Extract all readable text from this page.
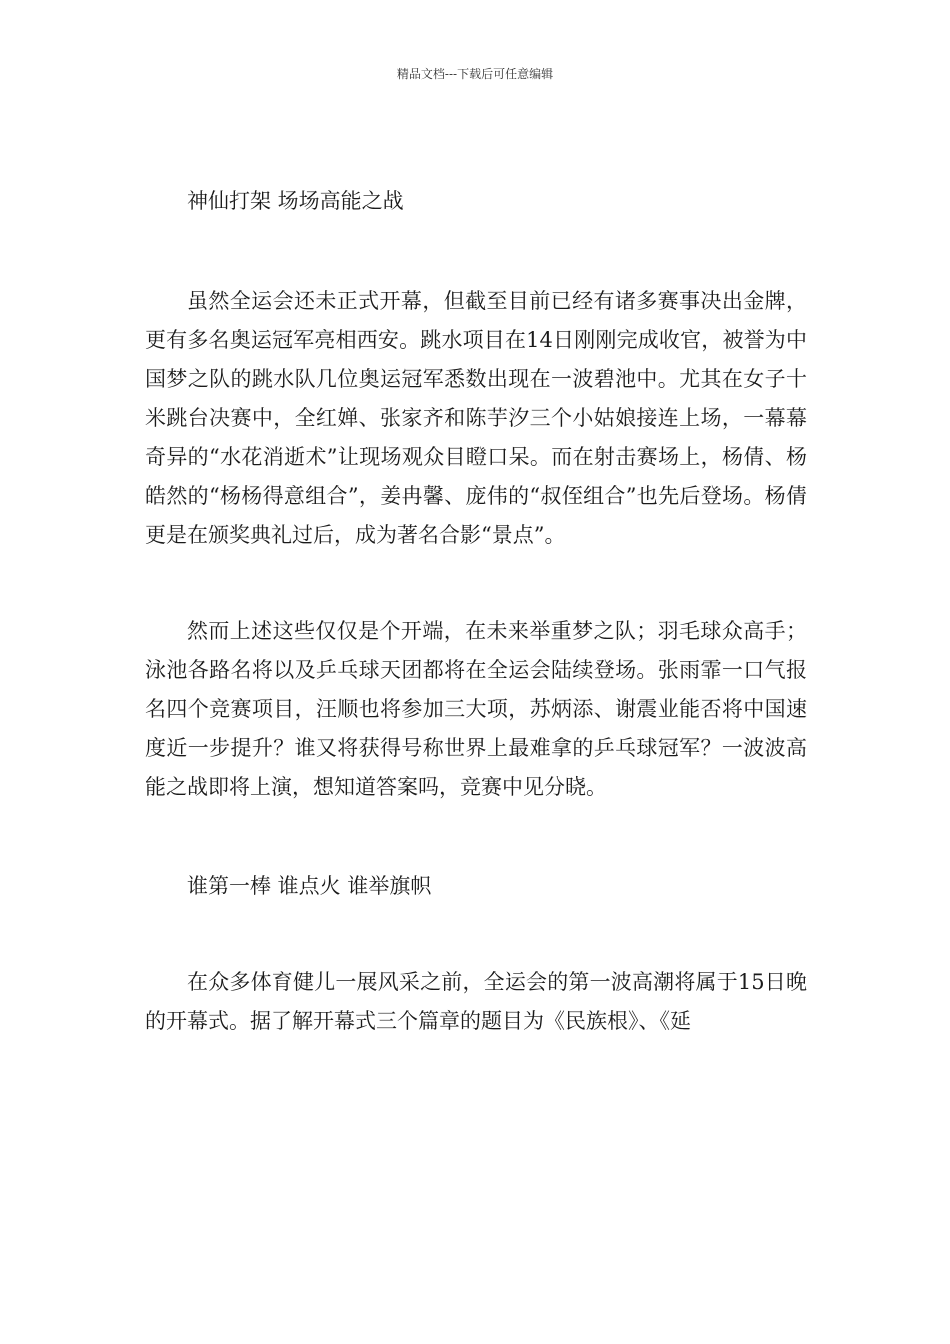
精品文档---下载后可任意编辑

神仙打架 场场高能之战

虽然全运会还未正式开幕，但截至目前已经有诸多赛事决出金牌，更有多名奥运冠军亮相西安。跳水项目在14日刚刚完成收官，被誉为中国梦之队的跳水队几位奥运冠军悉数出现在一波碧池中。尤其在女子十米跳台决赛中，全红婵、张家齐和陈芋汐三个小姑娘接连上场，一幕幕奇异的“水花消逝术”让现场观众目瞪口呆。而在射击赛场上，杨倩、杨皓然的“杨杨得意组合”，姜冉馨、庞伟的“叔侄组合”也先后登场。杨倩更是在颁奖典礼过后，成为著名合影“景点”。

然而上述这些仅仅是个开端，在未来举重梦之队；羽毛球众高手；泳池各路名将以及乒乓球天团都将在全运会陆续登场。张雨霏一口气报名四个竞赛项目，汪顺也将参加三大项，苏炳添、谢震业能否将中国速度近一步提升？谁又将获得号称世界上最难拿的乒乓球冠军？一波波高能之战即将上演，想知道答案吗，竞赛中见分晓。

谁第一棒 谁点火 谁举旗帜

在众多体育健儿一展风采之前，全运会的第一波高潮将属于15日晚的开幕式。据了解开幕式三个篇章的题目为《民族根》、《延
